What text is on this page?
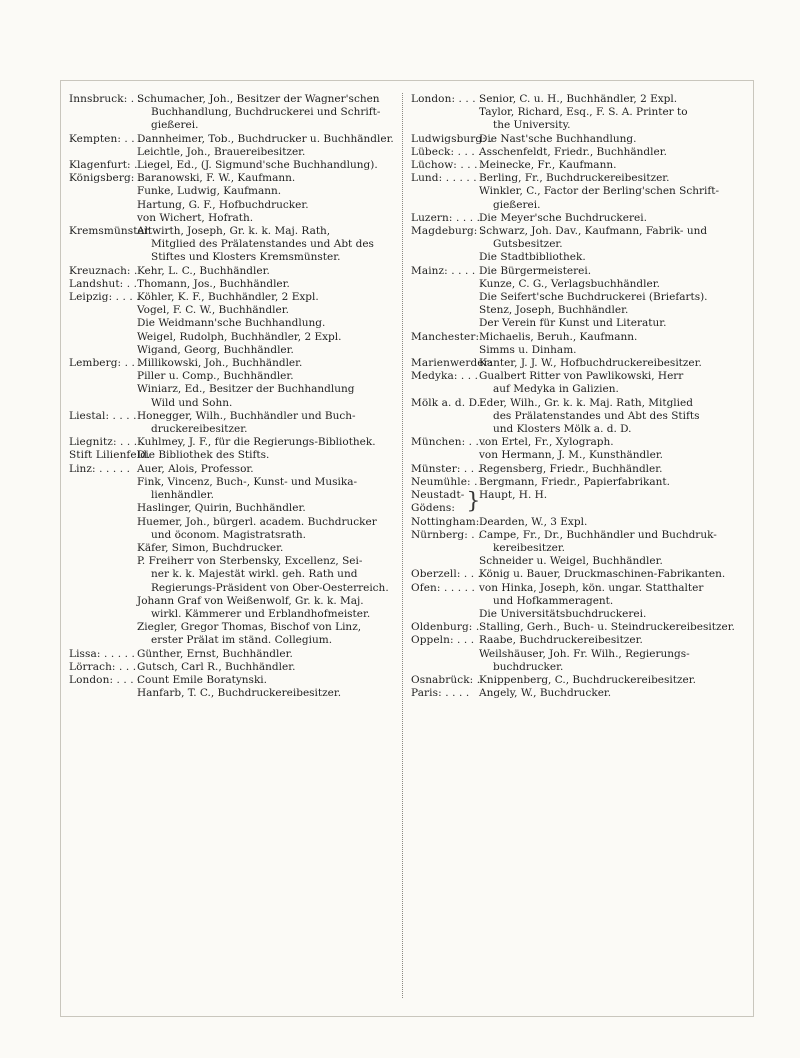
Innsbruck: . .
Schumacher, Joh., Besitzer der Wagner'schen
Buchhandlung, Buchdruckerei und Schrift-
gießerei.
Kempten: . . .
Dannheimer, Tob., Buchdrucker u. Buchhändler.
Leichtle, Joh., Brauereibesitzer.
Klagenfurt: . Liegel, Ed., (J. Sigmund'sche Buchhandlung).
Königsberg: .
Baranowski, F. W., Kaufmann.
Funke, Ludwig, Kaufmann.
Hartung, G. F., Hofbuchdrucker.
von Wichert, Hofrath.
Kremsmünster.
Altwirth, Joseph, Gr. k. k. Maj. Rath,
Mitglied des Prälatenstandes und Abt des
Stiftes und Klosters Kremsmünster.
Kreuznach: . Kehr, L. C., Buchhändler.
Landshut: . . Thomann, Jos., Buchhändler.
Leipzig: . . . .
Köhler, K. F., Buchhändler, 2 Expl.
Vogel, F. C. W., Buchhändler.
Die Weidmann'sche Buchhandlung.
Weigel, Rudolph, Buchhändler, 2 Expl.
Wigand, Georg, Buchhändler.
Lemberg: . . .
Millikowski, Joh., Buchhändler.
Piller u. Comp., Buchhändler.
Winiarz, Ed., Besitzer der Buchhandlung
Wild und Sohn.
Liestal: . . . . Honegger, Wilh., Buchhändler und Buch-
druckereibesitzer.
Liegnitz: . . . .
Kuhlmey, J. F., für die Regierungs-Bibliothek.
Stift Lilienfeld.
Die Bibliothek des Stifts.
Linz: . . . . . Auer, Alois, Professor.
Fink, Vincenz, Buch-, Kunst- und Musika-
lienhändler.
Haslinger, Quirin, Buchhändler.
Huemer, Joh., bürgerl. academ. Buchdrucker
und öconom. Magistratsrath.
Käfer, Simon, Buchdrucker.
P. Freiherr von Sterbensky, Excellenz, Sei-
ner k. k. Majestät wirkl. geh. Rath und
Regierungs-Präsident von Ober-Oesterreich.
Johann Graf von Weißenwolf, Gr. k. k. Maj.
wirkl. Kämmerer und Erblandhofmeister.
Ziegler, Gregor Thomas, Bischof von Linz,
erster Prälat im ständ. Collegium.
Lissa: . . . . . Günther, Ernst, Buchhändler.
Lörrach: . . . .
Gutsch, Carl R., Buchhändler.
London: . . . .
Count Emile Boratynski.
Hanfarb, T. C., Buchdruckereibesitzer.
London: . . . .
Senior, C. u. H., Buchhändler, 2 Expl.
Taylor, Richard, Esq., F. S. A. Printer to
the University.
Ludwigsburg: .
Die Nast'sche Buchhandlung.
Lübeck: . . . .
Asschenfeldt, Friedr., Buchhändler.
Lüchow: . . . .
Meinecke, Fr., Kaufmann.
Lund: . . . . . Berling, Fr., Buchdruckereibesitzer.
Winkler, C., Factor der Berling'schen Schrift-
gießerei.
Luzern: . . . .
Die Meyer'sche Buchdruckerei.
Magdeburg: .
Schwarz, Joh. Dav., Kaufmann, Fabrik- und
Gutsbesitzer.
Die Stadtbibliothek.
Mainz: . . . . Die Bürgermeisterei.
Kunze, C. G., Verlagsbuchhändler.
Die Seifert'sche Buchdruckerei (Briefarts).
Stenz, Joseph, Buchhändler.
Der Verein für Kunst und Literatur.
Manchester: .
Michaelis, Beruh., Kaufmann.
Simms u. Dinham.
Marienwerder:
Kanter, J. J. W., Hofbuchdruckereibesitzer.
Medyka: . . . Gualbert Ritter von Pawlikowski, Herr
auf Medyka in Galizien.
Mölk a. d. D.:
Eder, Wilh., Gr. k. k. Maj. Rath, Mitglied
des Prälatenstandes und Abt des Stifts
und Klosters Mölk a. d. D.
München: . . .
von Ertel, Fr., Xylograph.
von Hermann, J. M., Kunsthändler.
Münster: . . .
Regensberg, Friedr., Buchhändler.
Neumühle: . .
Bergmann, Friedr., Papierfabrikant.
Neustadt-
Gödens: }
Haupt, H. H.
Nottingham: .
Dearden, W., 3 Expl.
Nürnberg: . .
Campe, Fr., Dr., Buchhändler und Buchdruk-
kereibesitzer.
Schneider u. Weigel, Buchhändler.
Oberzell: . . .
König u. Bauer, Druckmaschinen-Fabrikanten.
Ofen: . . . . . von Hinka, Joseph, kön. ungar. Statthalter
und Hofkammeragent.
Die Universitätsbuchdruckerei.
Oldenburg: . Stalling, Gerh., Buch- u. Steindruckereibesitzer.
Oppeln: . . . Raabe, Buchdruckereibesitzer.
Weilshäuser, Joh. Fr. Wilh., Regierungs-
buchdrucker.
Osnabrück: .
Knippenberg, C., Buchdruckereibesitzer.
Paris: . . . . Angely, W., Buchdrucker.
